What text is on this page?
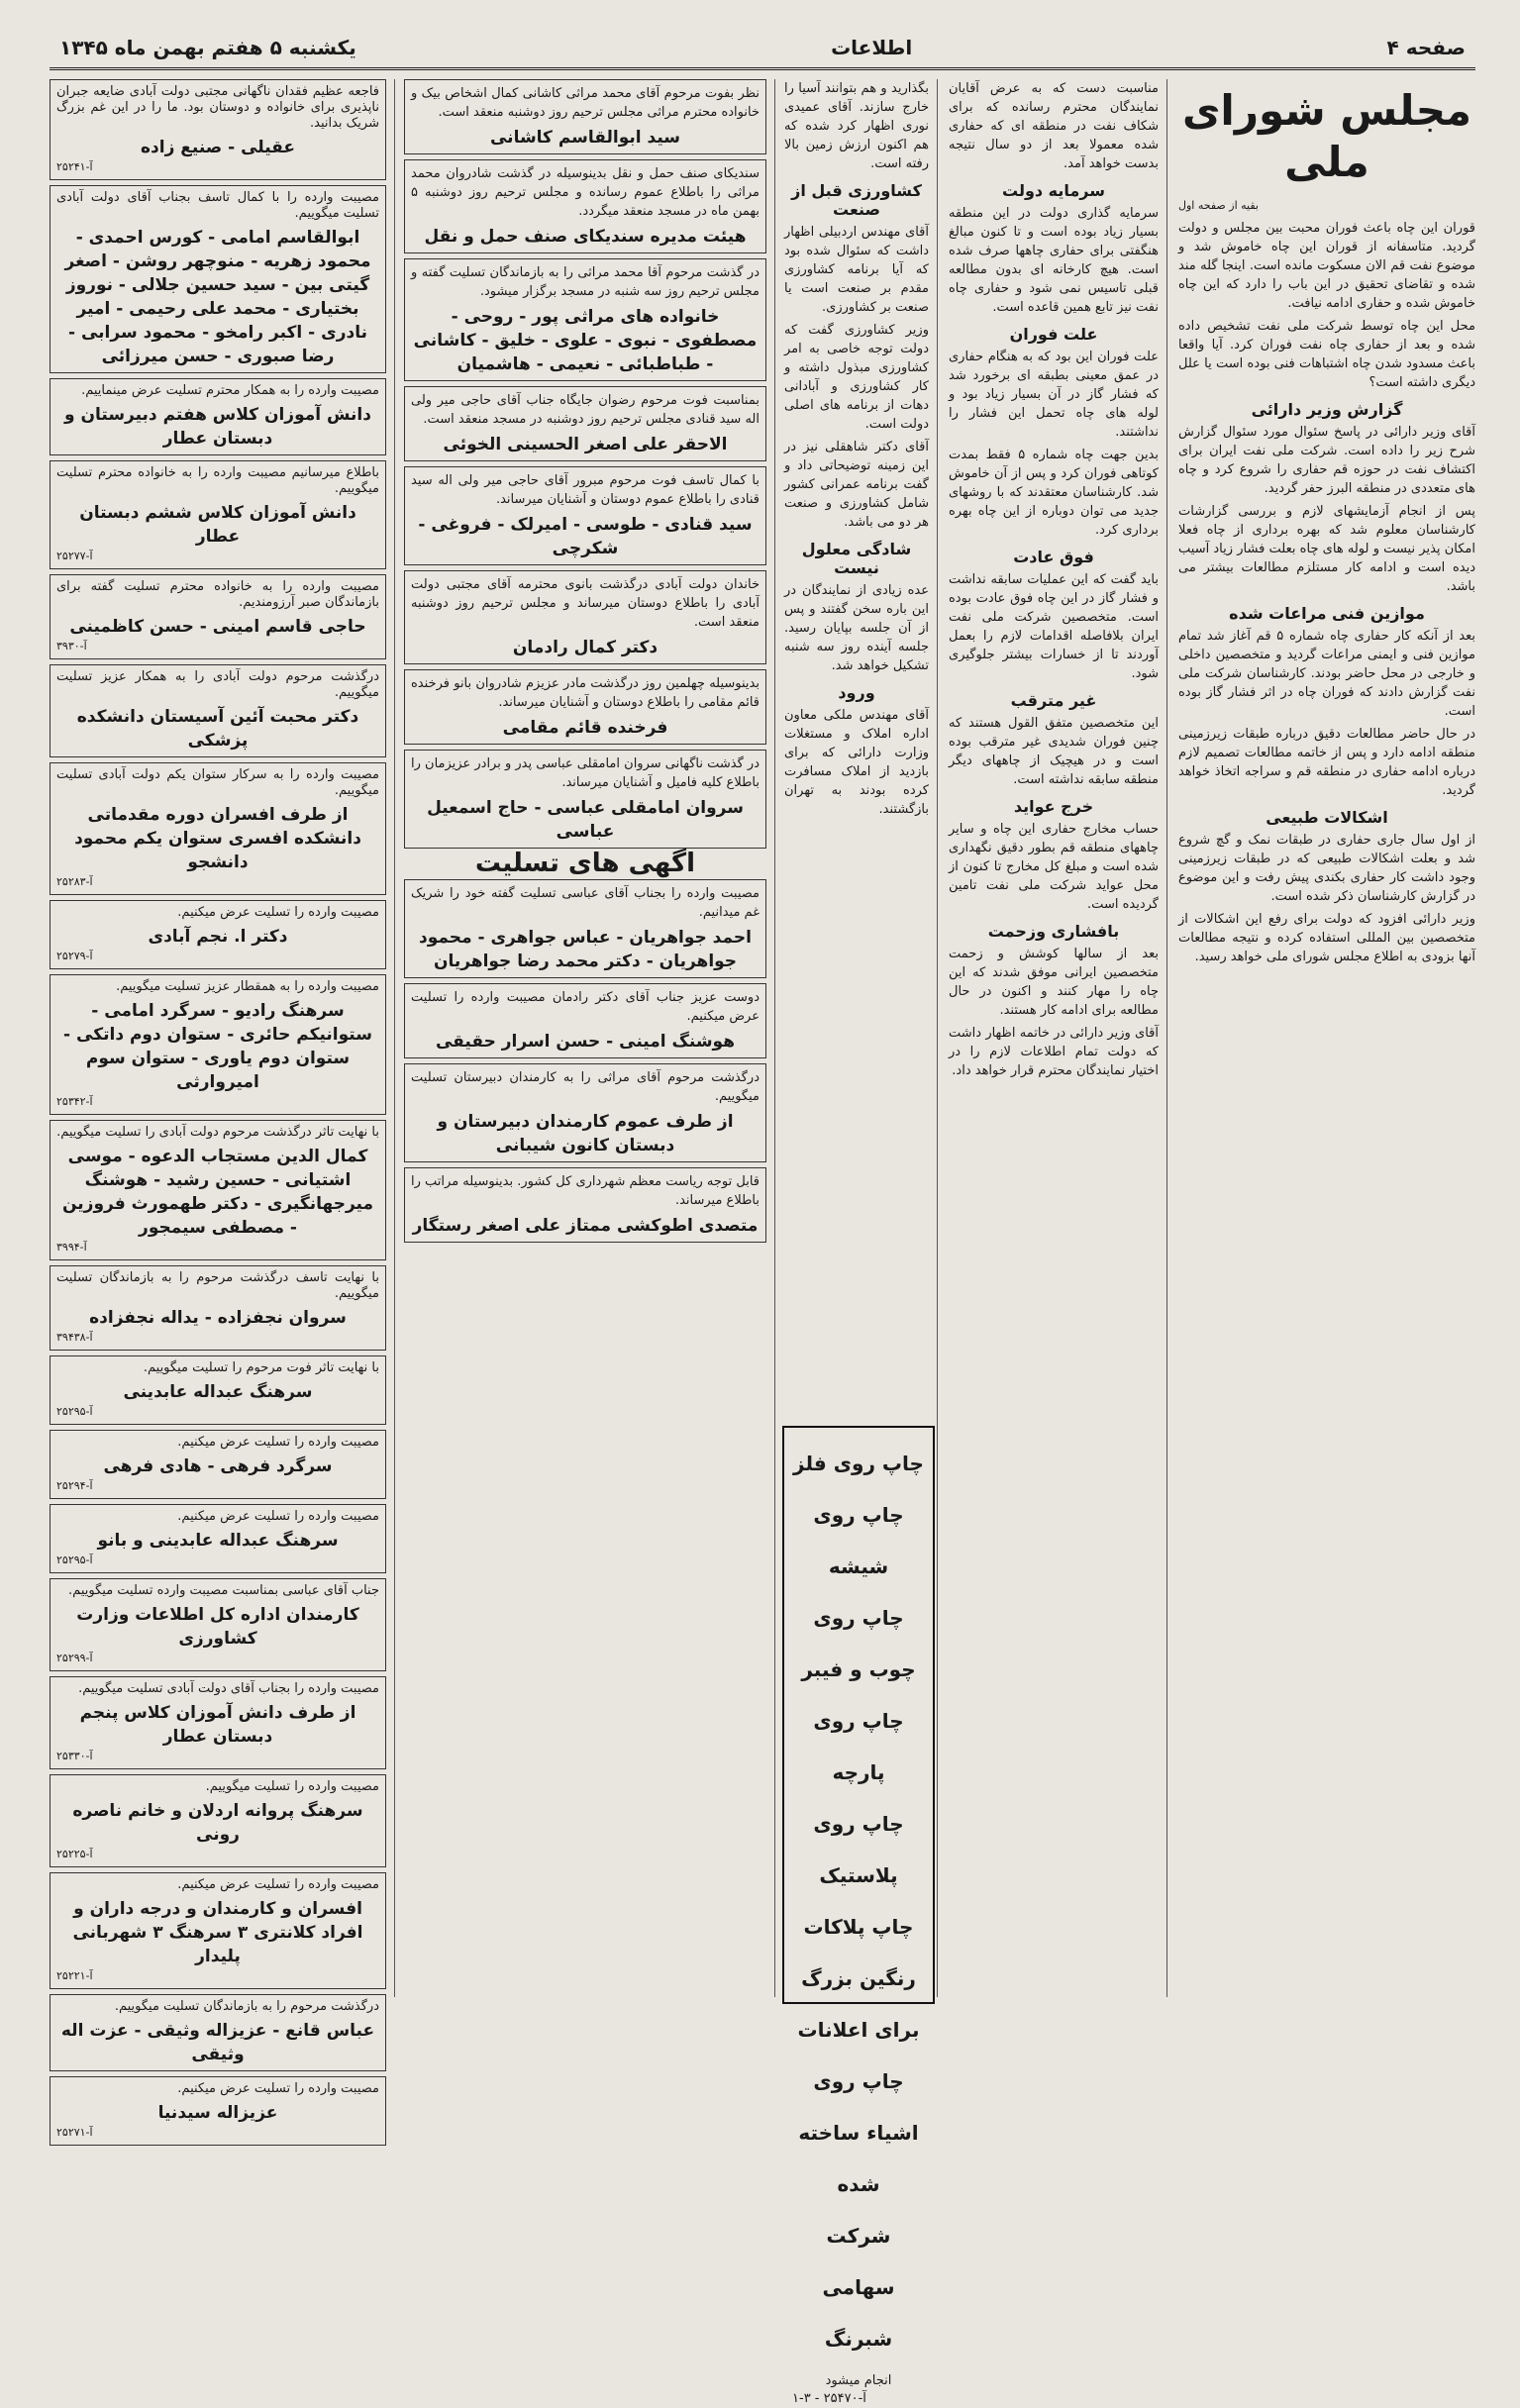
صفحه ۴
اطلاعات
یکشنبه ۵ هفتم بهمن ماه ۱۳۴۵
مجلس شورای ملی
بقیه از صفحه اول

قوران این چاه باعث فوران محبت بین مجلس و دولت گردید. متاسفانه از قوران این چاه خاموش شد و موضوع نفت قم الان مسکوت مانده است. اینجا گله مند شده و تقاضای تحقیق در این باب را دارد که این چاه خاموش شده و حفاری ادامه نیافت.

محل این چاه توسط شرکت ملی نفت تشخیص داده شده و بعد از حفاری چاه نفت فوران کرد. آیا واقعا باعث مسدود شدن چاه اشتباهات فنی بوده است یا علل دیگری داشته است؟

گزارش وزیر دارائی

آقای وزیر دارائی در پاسخ سئوال مورد سئوال گزارش شرح زیر را داده است. شرکت ملی نفت ایران برای اکتشاف نفت در حوزه قم حفاری را شروع کرد و چاه های متعددی در منطقه البرز حفر گردید.

پس از انجام آزمایشهای لازم و بررسی گزارشات کارشناسان معلوم شد که بهره برداری از چاه فعلا امکان پذیر نیست و لوله های چاه بعلت فشار زیاد آسیب دیده است و ادامه کار مستلزم مطالعات بیشتر می باشد.

موازین فنی مراعات شده

بعد از آنکه کار حفاری چاه شماره ۵ قم آغاز شد تمام موازین فنی و ایمنی مراعات گردید و متخصصین داخلی و خارجی در محل حاضر بودند. کارشناسان شرکت ملی نفت گزارش دادند که فوران چاه در اثر فشار گاز بوده است.

در حال حاضر مطالعات دقیق درباره طبقات زیرزمینی منطقه ادامه دارد و پس از خاتمه مطالعات تصمیم لازم درباره ادامه حفاری در منطقه قم و سراجه اتخاذ خواهد گردید.

اشکالات طبیعی

از اول سال جاری حفاری در طبقات نمک و گچ شروع شد و بعلت اشکالات طبیعی که در طبقات زیرزمینی وجود داشت کار حفاری بکندی پیش رفت و این موضوع در گزارش کارشناسان ذکر شده است.

وزیر دارائی افزود که دولت برای رفع این اشکالات از متخصصین بین المللی استفاده کرده و نتیجه مطالعات آنها بزودی به اطلاع مجلس شورای ملی خواهد رسید.

مناسبت دست که به عرض آقایان نمایندگان محترم رسانده که برای شکاف نفت در منطقه ای که حفاری شده معمولا بعد از دو سال نتیجه بدست خواهد آمد.

سرمایه دولت

سرمایه گذاری دولت در این منطقه بسیار زیاد بوده است و تا کنون مبالغ هنگفتی برای حفاری چاهها صرف شده است. هیچ کارخانه ای بدون مطالعه قبلی تاسیس نمی شود و حفاری چاه نفت نیز تابع همین قاعده است.

علت فوران

علت فوران این بود که به هنگام حفاری در عمق معینی بطبقه ای برخورد شد که فشار گاز در آن بسیار زیاد بود و لوله های چاه تحمل این فشار را نداشتند.

بدین جهت چاه شماره ۵ فقط بمدت کوتاهی فوران کرد و پس از آن خاموش شد. کارشناسان معتقدند که با روشهای جدید می توان دوباره از این چاه بهره برداری کرد.

فوق عادت

باید گفت که این عملیات سابقه نداشت و فشار گاز در این چاه فوق عادت بوده است. متخصصین شرکت ملی نفت ایران بلافاصله اقدامات لازم را بعمل آوردند تا از خسارات بیشتر جلوگیری شود.

غیر مترقب

این متخصصین متفق القول هستند که چنین فوران شدیدی غیر مترقب بوده است و در هیچیک از چاههای دیگر منطقه سابقه نداشته است.

خرج عواید

حساب مخارج حفاری این چاه و سایر چاههای منطقه قم بطور دقیق نگهداری شده است و مبلغ کل مخارج تا کنون از محل عواید شرکت ملی نفت تامین گردیده است.

بافشاری وزحمت

بعد از سالها کوشش و زحمت متخصصین ایرانی موفق شدند که این چاه را مهار کنند و اکنون در حال مطالعه برای ادامه کار هستند.

آقای وزیر دارائی در خاتمه اظهار داشت که دولت تمام اطلاعات لازم را در اختیار نمایندگان محترم قرار خواهد داد.

بگذارید و هم بتوانند آسیا را خارج سازند. آقای عمیدی نوری اظهار کرد شده که هم اکنون ارزش زمین بالا رفته است.

کشاورزی قبل از صنعت

آقای مهندس اردبیلی اظهار داشت که سئوال شده بود که آیا برنامه کشاورزی مقدم بر صنعت است یا صنعت بر کشاورزی.

وزیر کشاورزی گفت که دولت توجه خاصی به امر کشاورزی مبذول داشته و کار کشاورزی و آبادانی دهات از برنامه های اصلی دولت است.

آقای دکتر شاهقلی نیز در این زمینه توضیحاتی داد و گفت برنامه عمرانی کشور شامل کشاورزی و صنعت هر دو می باشد.

شادگی معلول نیست

عده زیادی از نمایندگان در این باره سخن گفتند و پس از آن جلسه بپایان رسید. جلسه آینده روز سه شنبه تشکیل خواهد شد.

ورود

آقای مهندس ملکی معاون اداره املاک و مستغلات وزارت دارائی که برای بازدید از املاک مسافرت کرده بودند به تهران بازگشتند.

چاپ روی فلز
چاپ روی شیشه
چاپ روی چوب و فیبر
چاپ روی پارچه
چاپ روی پلاستیک
چاپ پلاکات رنگین بزرگ
برای اعلانات
چاپ روی اشیاء ساخته شده
شرکت سهامی شبرنگ
انجام میشود
آ-۲۵۴۷۰ - ۳-۱

نظر بفوت مرحوم آقای محمد مراثی کاشانی کمال اشخاص بیک و خانواده محترم مراثی مجلس ترحیم روز دوشنبه منعقد است.

سید ابوالقاسم کاشانی

سندیکای صنف حمل و نقل بدینوسیله در گذشت شادروان محمد مراثی را باطلاع عموم رسانده و مجلس ترحیم روز دوشنبه ۵ بهمن ماه در مسجد منعقد میگردد.

هیئت مدیره سندیکای صنف حمل و نقل

در گذشت مرحوم آقا محمد مراثی را به بازماندگان تسلیت گفته و مجلس ترحیم روز سه شنبه در مسجد برگزار میشود.

خانواده های مراثی پور - روحی - مصطفوی - نبوی - علوی - خلیق - کاشانی - طباطبائی - نعیمی - هاشمیان

بمناسبت فوت مرحوم رضوان جایگاه جناب آقای حاجی میر ولی اله سید قنادی مجلس ترحیم روز دوشنبه در مسجد منعقد است.

الاحقر علی اصغر الحسینی الخوئی

با کمال تاسف فوت مرحوم مبرور آقای حاجی میر ولی اله سید قنادی را باطلاع عموم دوستان و آشنایان میرساند.

سید قنادی - طوسی - امیرلک - فروغی - شکرچی

خاندان دولت آبادی درگذشت بانوی محترمه آقای مجتبی دولت آبادی را باطلاع دوستان میرساند و مجلس ترحیم روز دوشنبه منعقد است.

دکتر کمال رادمان

بدینوسیله چهلمین روز درگذشت مادر عزیزم شادروان بانو فرخنده قائم مقامی را باطلاع دوستان و آشنایان میرساند.

فرخنده قائم مقامی

در گذشت ناگهانی سروان امامقلی عباسی پدر و برادر عزیزمان را باطلاع کلیه فامیل و آشنایان میرساند.

سروان امامقلی عباسی - حاج اسمعیل عباسی
اگهی های تسلیت

مصیبت وارده را بجناب آقای عباسی تسلیت گفته خود را شریک غم میدانیم.

احمد جواهریان - عباس جواهری - محمود جواهریان - دکتر محمد رضا جواهریان

دوست عزیز جناب آقای دکتر رادمان مصیبت وارده را تسلیت عرض میکنیم.

هوشنگ امینی - حسن اسرار حقیقی

درگذشت مرحوم آقای مراثی را به کارمندان دبیرستان تسلیت میگوییم.

از طرف عموم کارمندان دبیرستان و دبستان کانون شیبانی

قابل توجه ریاست معظم شهرداری کل کشور. بدینوسیله مراتب را باطلاع میرساند.

متصدی اطوکشی ممتاز علی اصغر رستگار

فاجعه عظیم فقدان ناگهانی مجتبی دولت آبادی ضایعه جبران ناپذیری برای خانواده و دوستان بود. ما را در این غم بزرگ شریک بدانید.

عقیلی - صنیع زاده
آ-۲۵۲۴۱

مصیبت وارده را با کمال تاسف بجناب آقای دولت آبادی تسلیت میگوییم.

ابوالقاسم امامی - کورس احمدی - محمود زهریه - منوچهر روشن - اصغر گیتی بین - سید حسین جلالی - نوروز بختیاری - محمد علی رحیمی - امیر نادری - اکبر رامخو - محمود سرابی - رضا صبوری - حسن میرزائی

مصیبت وارده را به همکار محترم تسلیت عرض مینماییم.

دانش آموزان کلاس هفتم دبیرستان و دبستان عطار

باطلاع میرسانیم مصیبت وارده را به خانواده محترم تسلیت میگوییم.

دانش آموزان کلاس ششم دبستان عطار
آ-۲۵۲۷۷

مصیبت وارده را به خانواده محترم تسلیت گفته برای بازماندگان صبر آرزومندیم.

حاجی قاسم امینی - حسن کاظمینی
آ-۳۹۳۰

درگذشت مرحوم دولت آبادی را به همکار عزیز تسلیت میگوییم.

دکتر محبت آئین آسیستان دانشکده پزشکی

مصیبت وارده را به سرکار ستوان یکم دولت آبادی تسلیت میگوییم.

از طرف افسران دوره مقدماتی دانشکده افسری ستوان یکم محمود دانشجو
آ-۲۵۲۸۳

مصیبت وارده را تسلیت عرض میکنیم.

دکتر ا. نجم آبادی
آ-۲۵۲۷۹

مصیبت وارده را به همقطار عزیز تسلیت میگوییم.

سرهنگ رادیو - سرگرد امامی - ستوانیکم حائری - ستوان دوم داتکی - ستوان دوم یاوری - ستوان سوم امیروارثی
آ-۲۵۳۴۲

با نهایت تاثر درگذشت مرحوم دولت آبادی را تسلیت میگوییم.

کمال الدین مستجاب الدعوه - موسی اشتیانی - حسین رشید - هوشنگ میرجهانگیری - دکتر طهمورث فروزین - مصطفی سیمجور
آ-۳۹۹۴

با نهایت تاسف درگذشت مرحوم را به بازماندگان تسلیت میگوییم.

سروان نجفزاده - یداله نجفزاده
آ-۳۹۴۳۸

با نهایت تاثر فوت مرحوم را تسلیت میگوییم.

سرهنگ عبداله عابدینی
آ-۲۵۲۹۵

مصیبت وارده را تسلیت عرض میکنیم.

سرگرد فرهی - هادی فرهی
آ-۲۵۲۹۴

مصیبت وارده را تسلیت عرض میکنیم.

سرهنگ عبداله عابدینی و بانو
آ-۲۵۲۹۵

جناب آقای عباسی بمناسبت مصیبت وارده تسلیت میگوییم.

کارمندان اداره کل اطلاعات وزارت کشاورزی
آ-۲۵۲۹۹

مصیبت وارده را بجناب آقای دولت آبادی تسلیت میگوییم.

از طرف دانش آموزان کلاس پنجم دبستان عطار
آ-۲۵۳۳۰

مصیبت وارده را تسلیت میگوییم.

سرهنگ پروانه اردلان و خانم ناصره رونی
آ-۲۵۲۲۵

مصیبت وارده را تسلیت عرض میکنیم.

افسران و کارمندان و درجه داران و افراد کلانتری ۳ سرهنگ ۳ شهربانی پلیدار
آ-۲۵۲۲۱

درگذشت مرحوم را به بازماندگان تسلیت میگوییم.

عباس قانع - عزیزاله وثیقی - عزت اله وثیقی

مصیبت وارده را تسلیت عرض میکنیم.

عزیزاله سیدنیا
آ-۲۵۲۷۱
